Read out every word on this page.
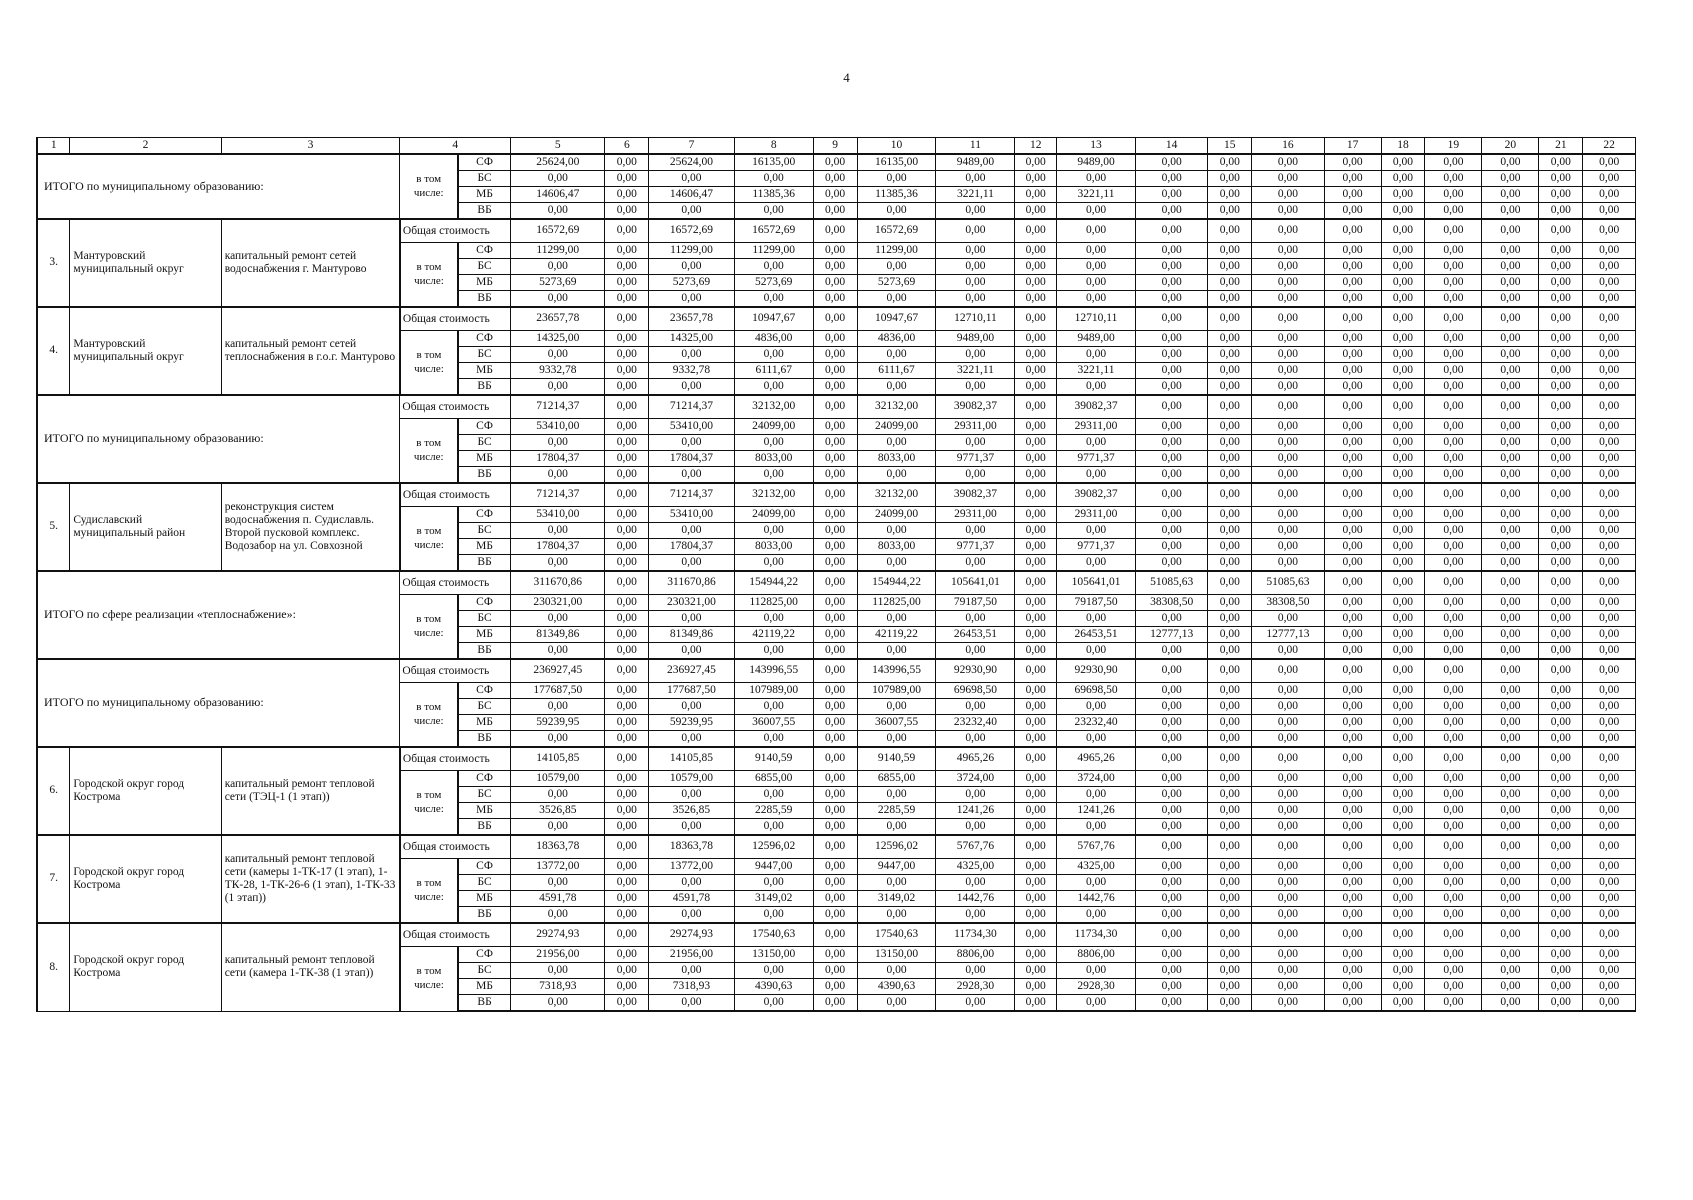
4
1	2	3	4		5	6	7	8	9	10	11	12	13	14	15	16	17	18	19	20	21	22
ИТОГО по муниципальному образованию:			в том числе:	СФ	25624,00	0,00	25624,00	16135,00	0,00	16135,00	9489,00	0,00	9489,00	0,00	0,00	0,00	0,00	0,00	0,00	0,00	0,00	0,00
				БС	0,00	0,00	0,00	0,00	0,00	0,00	0,00	0,00	0,00	0,00	0,00	0,00	0,00	0,00	0,00	0,00	0,00	0,00
				МБ	14606,47	0,00	14606,47	11385,36	0,00	11385,36	3221,11	0,00	3221,11	0,00	0,00	0,00	0,00	0,00	0,00	0,00	0,00	0,00
				ВБ	0,00	0,00	0,00	0,00	0,00	0,00	0,00	0,00	0,00	0,00	0,00	0,00	0,00	0,00	0,00	0,00	0,00	0,00
3.	Мантуровский муниципальный округ	капитальный ремонт сетей водоснабжения г. Мантурово	Общая стоимость		16572,69	0,00	16572,69	16572,69	0,00	16572,69	0,00	0,00	0,00	0,00	0,00	0,00	0,00	0,00	0,00	0,00	0,00	0,00
			в том числе:	СФ	11299,00	0,00	11299,00	11299,00	0,00	11299,00	0,00	0,00	0,00	0,00	0,00	0,00	0,00	0,00	0,00	0,00	0,00	0,00
				БС	0,00	0,00	0,00	0,00	0,00	0,00	0,00	0,00	0,00	0,00	0,00	0,00	0,00	0,00	0,00	0,00	0,00	0,00
				МБ	5273,69	0,00	5273,69	5273,69	0,00	5273,69	0,00	0,00	0,00	0,00	0,00	0,00	0,00	0,00	0,00	0,00	0,00	0,00
				ВБ	0,00	0,00	0,00	0,00	0,00	0,00	0,00	0,00	0,00	0,00	0,00	0,00	0,00	0,00	0,00	0,00	0,00	0,00
4.	Мантуровский муниципальный округ	капитальный ремонт сетей теплоснабжения в г.о.г. Мантурово	Общая стоимость		23657,78	0,00	23657,78	10947,67	0,00	10947,67	12710,11	0,00	12710,11	0,00	0,00	0,00	0,00	0,00	0,00	0,00	0,00	0,00
			в том числе:	СФ	14325,00	0,00	14325,00	4836,00	0,00	4836,00	9489,00	0,00	9489,00	0,00	0,00	0,00	0,00	0,00	0,00	0,00	0,00	0,00
				БС	0,00	0,00	0,00	0,00	0,00	0,00	0,00	0,00	0,00	0,00	0,00	0,00	0,00	0,00	0,00	0,00	0,00	0,00
				МБ	9332,78	0,00	9332,78	6111,67	0,00	6111,67	3221,11	0,00	3221,11	0,00	0,00	0,00	0,00	0,00	0,00	0,00	0,00	0,00
				ВБ	0,00	0,00	0,00	0,00	0,00	0,00	0,00	0,00	0,00	0,00	0,00	0,00	0,00	0,00	0,00	0,00	0,00	0,00
ИТОГО по муниципальному образованию:			Общая стоимость		71214,37	0,00	71214,37	32132,00	0,00	32132,00	39082,37	0,00	39082,37	0,00	0,00	0,00	0,00	0,00	0,00	0,00	0,00	0,00
			в том числе:	СФ	53410,00	0,00	53410,00	24099,00	0,00	24099,00	29311,00	0,00	29311,00	0,00	0,00	0,00	0,00	0,00	0,00	0,00	0,00	0,00
				БС	0,00	0,00	0,00	0,00	0,00	0,00	0,00	0,00	0,00	0,00	0,00	0,00	0,00	0,00	0,00	0,00	0,00	0,00
				МБ	17804,37	0,00	17804,37	8033,00	0,00	8033,00	9771,37	0,00	9771,37	0,00	0,00	0,00	0,00	0,00	0,00	0,00	0,00	0,00
				ВБ	0,00	0,00	0,00	0,00	0,00	0,00	0,00	0,00	0,00	0,00	0,00	0,00	0,00	0,00	0,00	0,00	0,00	0,00
5.	Судиславский муниципальный район	реконструкция систем водоснабжения п. Судиславль. Второй пусковой комплекс. Водозабор на ул. Совхозной	Общая стоимость		71214,37	0,00	71214,37	32132,00	0,00	32132,00	39082,37	0,00	39082,37	0,00	0,00	0,00	0,00	0,00	0,00	0,00	0,00	0,00
			в том числе:	СФ	53410,00	0,00	53410,00	24099,00	0,00	24099,00	29311,00	0,00	29311,00	0,00	0,00	0,00	0,00	0,00	0,00	0,00	0,00	0,00
				БС	0,00	0,00	0,00	0,00	0,00	0,00	0,00	0,00	0,00	0,00	0,00	0,00	0,00	0,00	0,00	0,00	0,00	0,00
				МБ	17804,37	0,00	17804,37	8033,00	0,00	8033,00	9771,37	0,00	9771,37	0,00	0,00	0,00	0,00	0,00	0,00	0,00	0,00	0,00
				ВБ	0,00	0,00	0,00	0,00	0,00	0,00	0,00	0,00	0,00	0,00	0,00	0,00	0,00	0,00	0,00	0,00	0,00	0,00
ИТОГО по сфере реализации «теплоснабжение»:			Общая стоимость		311670,86	0,00	311670,86	154944,22	0,00	154944,22	105641,01	0,00	105641,01	51085,63	0,00	51085,63	0,00	0,00	0,00	0,00	0,00	0,00
			в том числе:	СФ	230321,00	0,00	230321,00	112825,00	0,00	112825,00	79187,50	0,00	79187,50	38308,50	0,00	38308,50	0,00	0,00	0,00	0,00	0,00	0,00
				БС	0,00	0,00	0,00	0,00	0,00	0,00	0,00	0,00	0,00	0,00	0,00	0,00	0,00	0,00	0,00	0,00	0,00	0,00
				МБ	81349,86	0,00	81349,86	42119,22	0,00	42119,22	26453,51	0,00	26453,51	12777,13	0,00	12777,13	0,00	0,00	0,00	0,00	0,00	0,00
				ВБ	0,00	0,00	0,00	0,00	0,00	0,00	0,00	0,00	0,00	0,00	0,00	0,00	0,00	0,00	0,00	0,00	0,00	0,00
ИТОГО по муниципальному образованию:			Общая стоимость		236927,45	0,00	236927,45	143996,55	0,00	143996,55	92930,90	0,00	92930,90	0,00	0,00	0,00	0,00	0,00	0,00	0,00	0,00	0,00
			в том числе:	СФ	177687,50	0,00	177687,50	107989,00	0,00	107989,00	69698,50	0,00	69698,50	0,00	0,00	0,00	0,00	0,00	0,00	0,00	0,00	0,00
				БС	0,00	0,00	0,00	0,00	0,00	0,00	0,00	0,00	0,00	0,00	0,00	0,00	0,00	0,00	0,00	0,00	0,00	0,00
				МБ	59239,95	0,00	59239,95	36007,55	0,00	36007,55	23232,40	0,00	23232,40	0,00	0,00	0,00	0,00	0,00	0,00	0,00	0,00	0,00
				ВБ	0,00	0,00	0,00	0,00	0,00	0,00	0,00	0,00	0,00	0,00	0,00	0,00	0,00	0,00	0,00	0,00	0,00	0,00
6.	Городской округ город Кострома	капитальный ремонт тепловой сети (ТЭЦ-1 (1 этап))	Общая стоимость		14105,85	0,00	14105,85	9140,59	0,00	9140,59	4965,26	0,00	4965,26	0,00	0,00	0,00	0,00	0,00	0,00	0,00	0,00	0,00
			в том числе:	СФ	10579,00	0,00	10579,00	6855,00	0,00	6855,00	3724,00	0,00	3724,00	0,00	0,00	0,00	0,00	0,00	0,00	0,00	0,00	0,00
				БС	0,00	0,00	0,00	0,00	0,00	0,00	0,00	0,00	0,00	0,00	0,00	0,00	0,00	0,00	0,00	0,00	0,00	0,00
				МБ	3526,85	0,00	3526,85	2285,59	0,00	2285,59	1241,26	0,00	1241,26	0,00	0,00	0,00	0,00	0,00	0,00	0,00	0,00	0,00
				ВБ	0,00	0,00	0,00	0,00	0,00	0,00	0,00	0,00	0,00	0,00	0,00	0,00	0,00	0,00	0,00	0,00	0,00	0,00
7.	Городской округ город Кострома	капитальный ремонт тепловой сети (камеры 1-ТК-17 (1 этап), 1-ТК-28, 1-ТК-26-6 (1 этап), 1-ТК-33 (1 этап))	Общая стоимость		18363,78	0,00	18363,78	12596,02	0,00	12596,02	5767,76	0,00	5767,76	0,00	0,00	0,00	0,00	0,00	0,00	0,00	0,00	0,00
			в том числе:	СФ	13772,00	0,00	13772,00	9447,00	0,00	9447,00	4325,00	0,00	4325,00	0,00	0,00	0,00	0,00	0,00	0,00	0,00	0,00	0,00
				БС	0,00	0,00	0,00	0,00	0,00	0,00	0,00	0,00	0,00	0,00	0,00	0,00	0,00	0,00	0,00	0,00	0,00	0,00
				МБ	4591,78	0,00	4591,78	3149,02	0,00	3149,02	1442,76	0,00	1442,76	0,00	0,00	0,00	0,00	0,00	0,00	0,00	0,00	0,00
				ВБ	0,00	0,00	0,00	0,00	0,00	0,00	0,00	0,00	0,00	0,00	0,00	0,00	0,00	0,00	0,00	0,00	0,00	0,00
8.	Городской округ город Кострома	капитальный ремонт тепловой сети (камера 1-ТК-38 (1 этап))	Общая стоимость		29274,93	0,00	29274,93	17540,63	0,00	17540,63	11734,30	0,00	11734,30	0,00	0,00	0,00	0,00	0,00	0,00	0,00	0,00	0,00
			в том числе:	СФ	21956,00	0,00	21956,00	13150,00	0,00	13150,00	8806,00	0,00	8806,00	0,00	0,00	0,00	0,00	0,00	0,00	0,00	0,00	0,00
				БС	0,00	0,00	0,00	0,00	0,00	0,00	0,00	0,00	0,00	0,00	0,00	0,00	0,00	0,00	0,00	0,00	0,00	0,00
				МБ	7318,93	0,00	7318,93	4390,63	0,00	4390,63	2928,30	0,00	2928,30	0,00	0,00	0,00	0,00	0,00	0,00	0,00	0,00	0,00
				ВБ	0,00	0,00	0,00	0,00	0,00	0,00	0,00	0,00	0,00	0,00	0,00	0,00	0,00	0,00	0,00	0,00	0,00	0,00
